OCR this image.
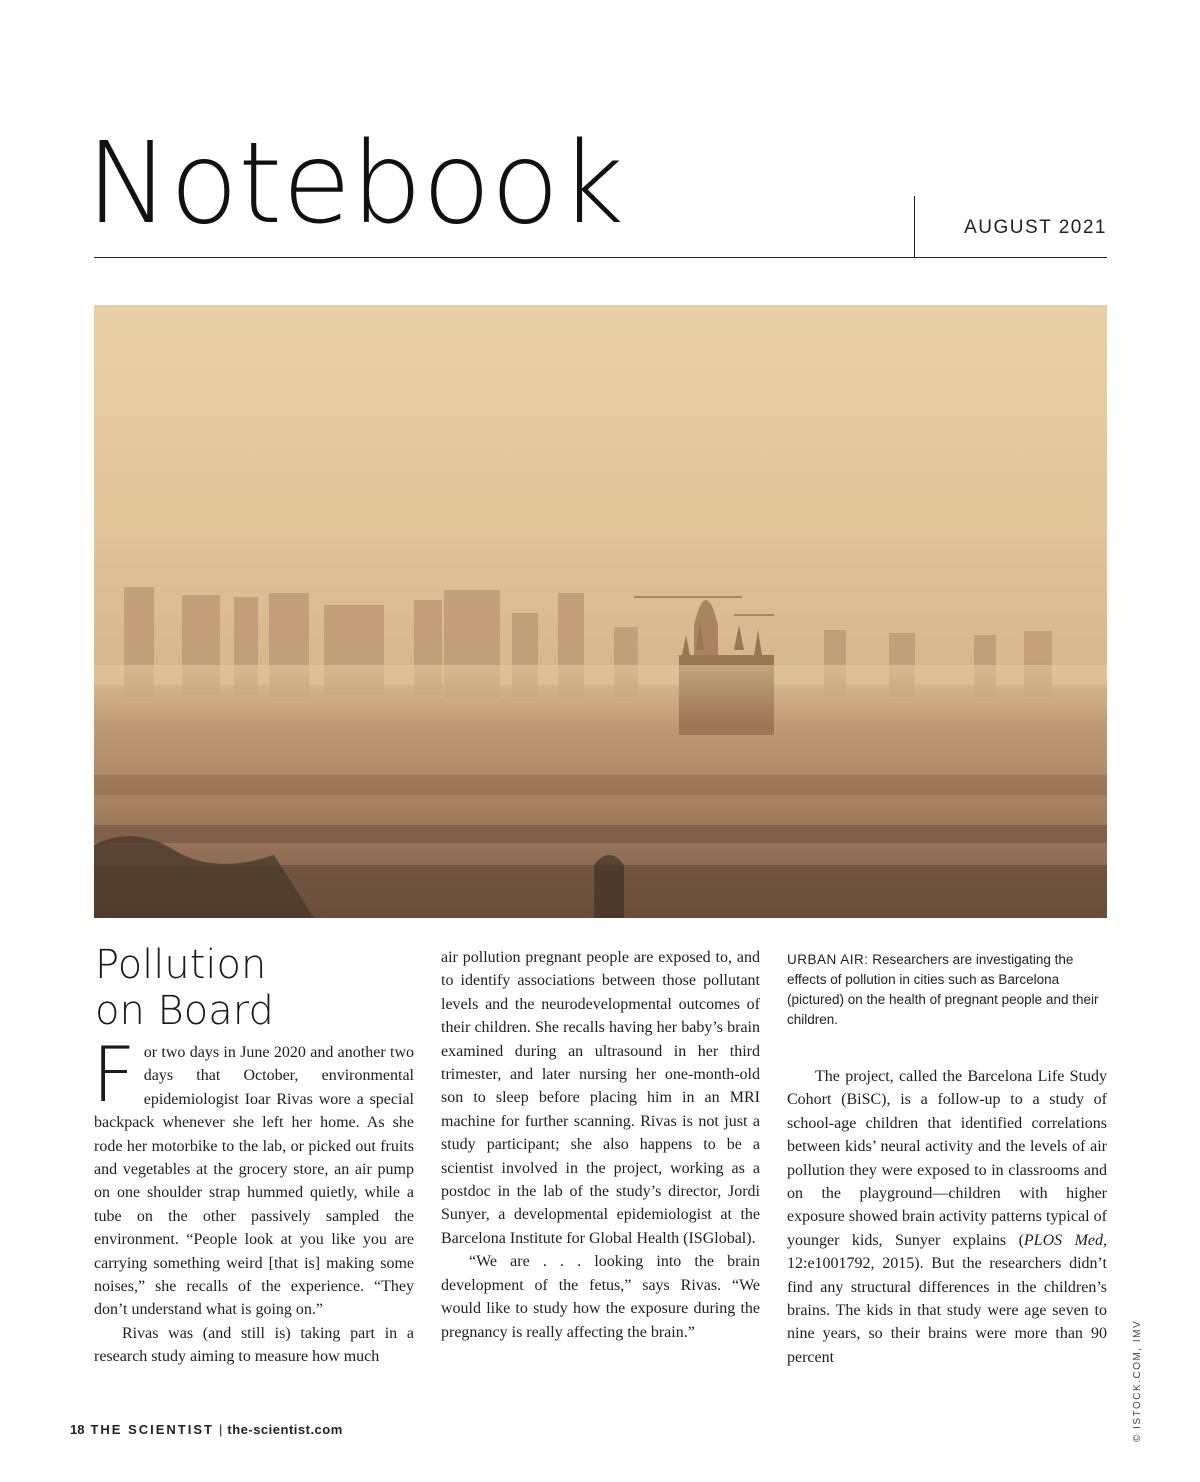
Notebook	AUGUST 2021
Pollution
on Board

For two days in June 2020 and another two days that October, environmental epidemiologist Ioar Rivas wore a special backpack whenever she left her home. As she rode her motorbike to the lab, or picked out fruits and vegetables at the grocery store, an air pump on one shoulder strap hummed quietly, while a tube on the other passively sampled the environment. “People look at you like you are carrying something weird [that is] making some noises,” she recalls of the experience. “They don’t understand what is going on.”

Rivas was (and still is) taking part in a research study aiming to measure how much

air pollution pregnant people are exposed to, and to identify associations between those pollutant levels and the neurodevelopmental outcomes of their children. She recalls having her baby’s brain examined during an ultrasound in her third trimester, and later nursing her one-month-old son to sleep before placing him in an MRI machine for further scanning. Rivas is not just a study participant; she also happens to be a scientist involved in the project, working as a postdoc in the lab of the study’s director, Jordi Sunyer, a developmental epidemiologist at the Barcelona Institute for Global Health (ISGlobal).

“We are . . . looking into the brain development of the fetus,” says Rivas. “We would like to study how the exposure during the pregnancy is really affecting the brain.”

URBAN AIR: Researchers are investigating the effects of pollution in cities such as Barcelona (pictured) on the health of pregnant people and their children.

The project, called the Barcelona Life Study Cohort (BiSC), is a follow-up to a study of school-age children that identified correlations between kids’ neural activity and the levels of air pollution they were exposed to in classrooms and on the playground—children with higher exposure showed brain activity patterns typical of younger kids, Sunyer explains (PLOS Med, 12:e1001792, 2015). But the researchers didn’t find any structural differences in the children’s brains. The kids in that study were age seven to nine years, so their brains were more than 90 percent	© ISTOCK.COM, IMV
18 THE SCIENTIST | the-scientist.com
